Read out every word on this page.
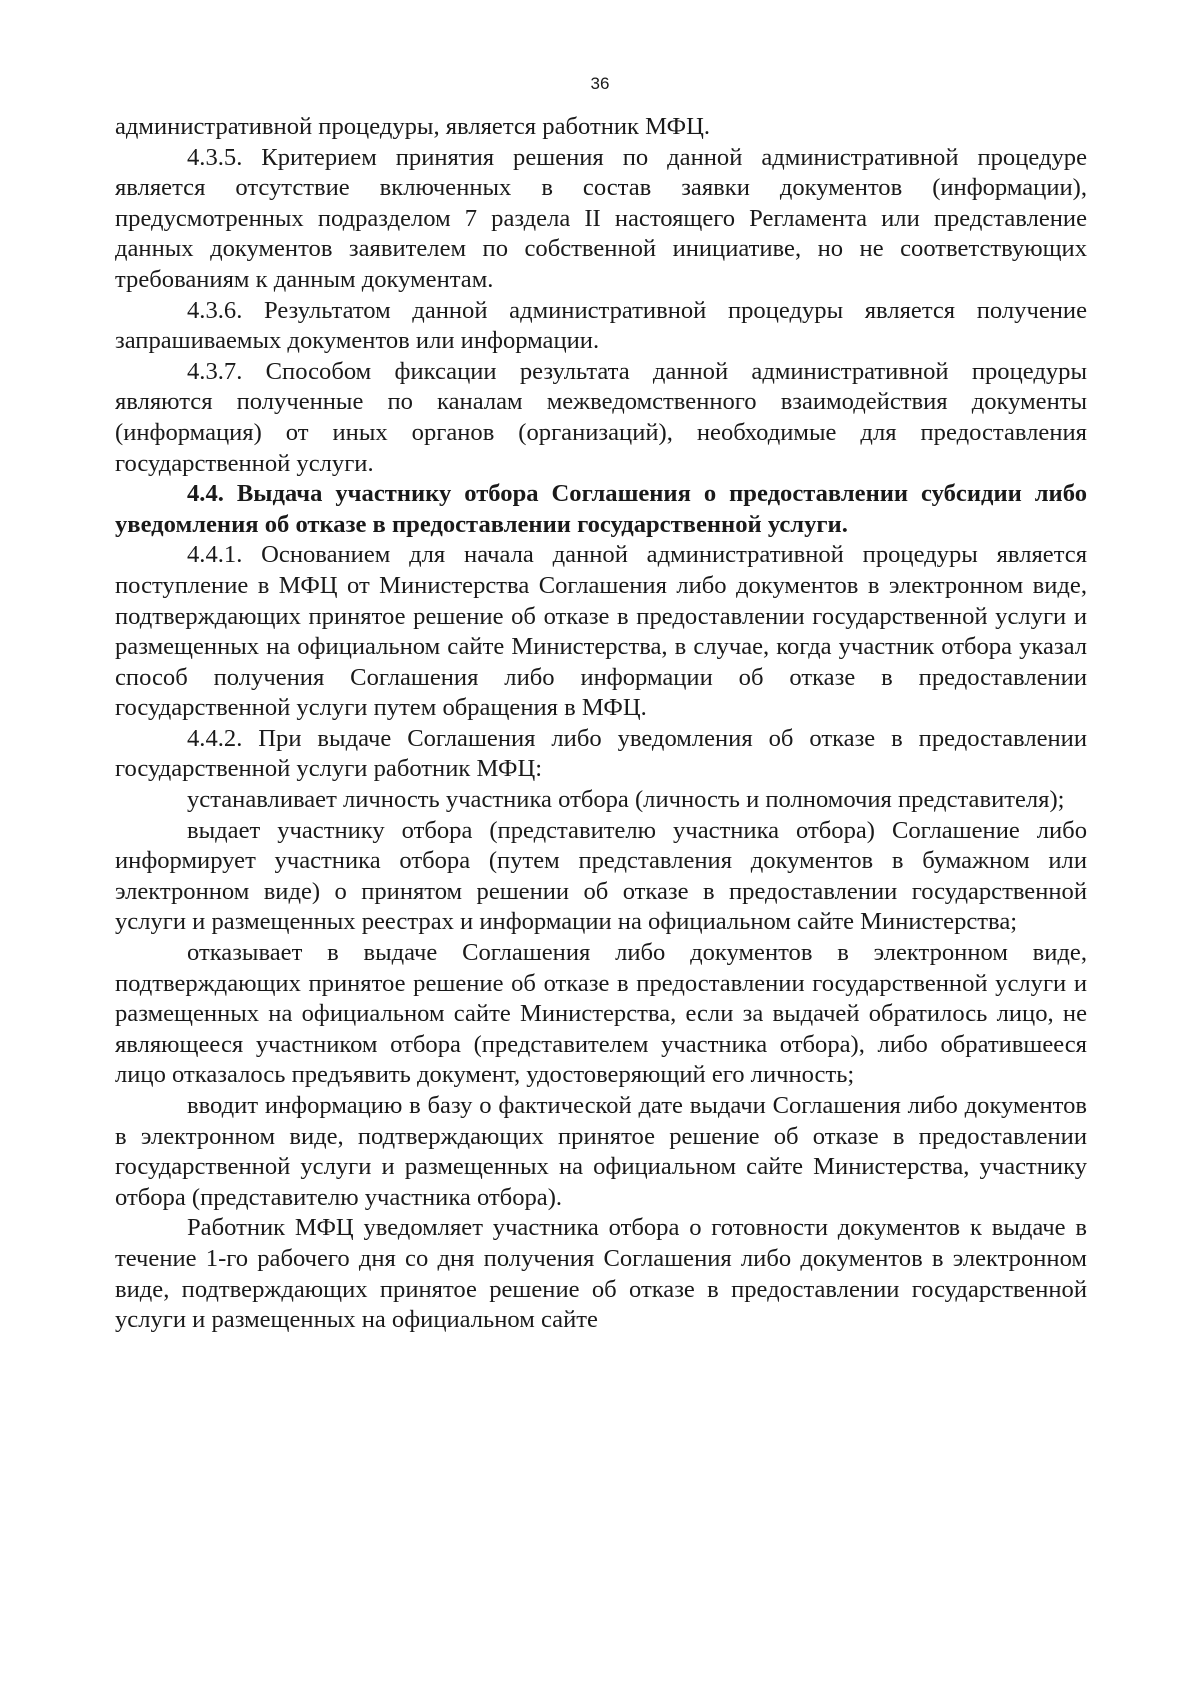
36

административной процедуры, является работник МФЦ.

4.3.5. Критерием принятия решения по данной административной процедуре является отсутствие включенных в состав заявки документов (информации), предусмотренных подразделом 7 раздела II настоящего Регламента или представление данных документов заявителем по собственной инициативе, но не соответствующих требованиям к данным документам.

4.3.6. Результатом данной административной процедуры является получение запрашиваемых документов или информации.

4.3.7. Способом фиксации результата данной административной процедуры являются полученные по каналам межведомственного взаимодействия документы (информация) от иных органов (организаций), необходимые для предоставления государственной услуги.

4.4. Выдача участнику отбора Соглашения о предоставлении субсидии либо уведомления об отказе в предоставлении государственной услуги.

4.4.1. Основанием для начала данной административной процедуры является поступление в МФЦ от Министерства Соглашения либо документов в электронном виде, подтверждающих принятое решение об отказе в предоставлении государственной услуги и размещенных на официальном сайте Министерства, в случае, когда участник отбора указал способ получения Соглашения либо информации об отказе в предоставлении государственной услуги путем обращения в МФЦ.

4.4.2. При выдаче Соглашения либо уведомления об отказе в предоставлении государственной услуги работник МФЦ:

устанавливает личность участника отбора (личность и полномочия представителя);

выдает участнику отбора (представителю участника отбора) Соглашение либо информирует участника отбора (путем представления документов в бумажном или электронном виде) о принятом решении об отказе в предоставлении государственной услуги и размещенных реестрах и информации на официальном сайте Министерства;

отказывает в выдаче Соглашения либо документов в электронном виде, подтверждающих принятое решение об отказе в предоставлении государственной услуги и размещенных на официальном сайте Министерства, если за выдачей обратилось лицо, не являющееся участником отбора (представителем участника отбора), либо обратившееся лицо отказалось предъявить документ, удостоверяющий его личность;

вводит информацию в базу о фактической дате выдачи Соглашения либо документов в электронном виде, подтверждающих принятое решение об отказе в предоставлении государственной услуги и размещенных на официальном сайте Министерства, участнику отбора (представителю участника отбора).

Работник МФЦ уведомляет участника отбора о готовности документов к выдаче в течение 1-го рабочего дня со дня получения Соглашения либо документов в электронном виде, подтверждающих принятое решение об отказе в предоставлении государственной услуги и размещенных на официальном сайте
